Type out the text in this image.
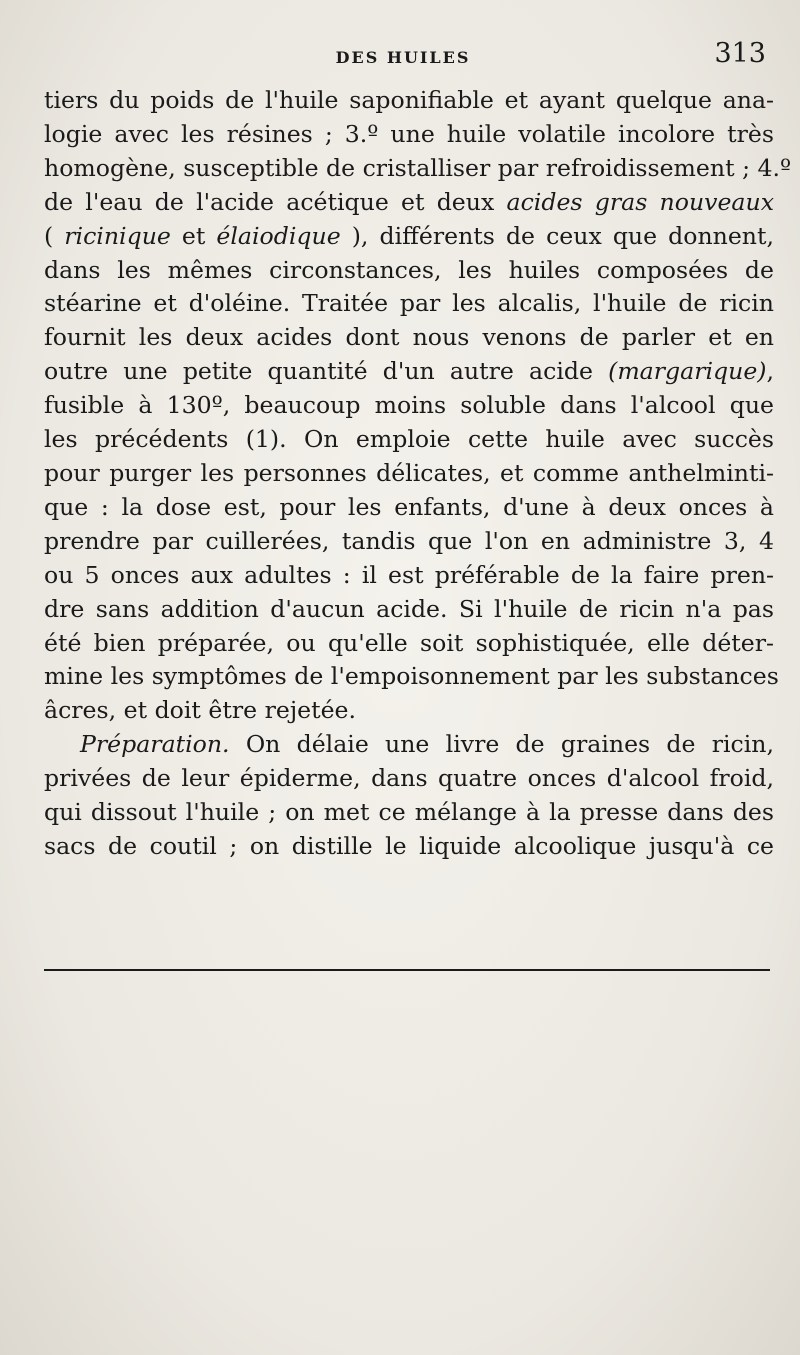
DES HUILES	313
tiers du poids de l'huile saponifiable et ayant quelque ana-
logie avec les résines ; 3.º une huile volatile incolore très
homogène, susceptible de cristalliser par refroidissement ; 4.º
de l'eau de l'acide acétique et deux acides gras nouveaux
( ricinique et élaiodique ), différents de ceux que donnent,
dans les mêmes circonstances, les huiles composées de
stéarine et d'oléine. Traitée par les alcalis, l'huile de ricin
fournit les deux acides dont nous venons de parler et en
outre une petite quantité d'un autre acide (margarique),
fusible à 130º, beaucoup moins soluble dans l'alcool que
les précédents (1). On emploie cette huile avec succès
pour purger les personnes délicates, et comme anthelminti-
que : la dose est, pour les enfants, d'une à deux onces à
prendre par cuillerées, tandis que l'on en administre 3, 4
ou 5 onces aux adultes : il est préférable de la faire pren-
dre sans addition d'aucun acide. Si l'huile de ricin n'a pas
été bien préparée, ou qu'elle soit sophistiquée, elle déter-
mine les symptômes de l'empoisonnement par les substances
âcres, et doit être rejetée.
Préparation. On délaie une livre de graines de ricin,
privées de leur épiderme, dans quatre onces d'alcool froid,
qui dissout l'huile ; on met ce mélange à la presse dans des
sacs de coutil ; on distille le liquide alcoolique jusqu'à ce
